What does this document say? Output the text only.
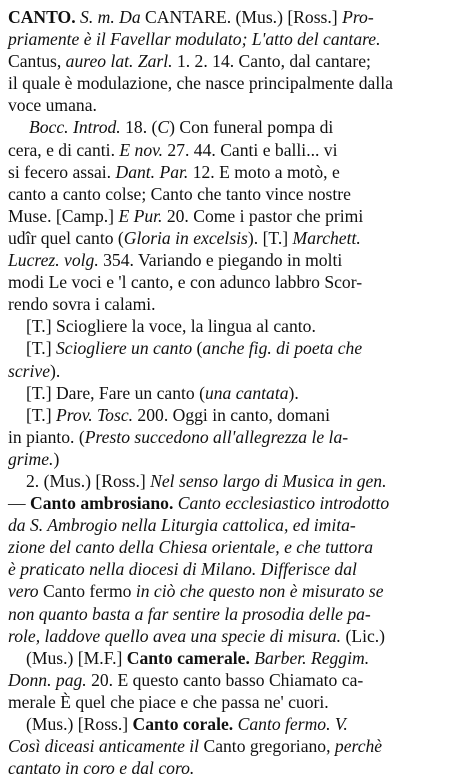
CANTO. S. m. Da CANTARE. (Mus.) [Ross.] Pro-
priamente è il Favellar modulato; L'atto del cantare.
Cantus, aureo lat. Zarl. 1. 2. 14. Canto, dal cantare;
il quale è modulazione, che nasce principalmente dalla
voce umana.
Bocc. Introd. 18. (C) Con funeral pompa di
cera, e di canti. E nov. 27. 44. Canti e balli... vi
si fecero assai. Dant. Par. 12. E moto a motò, e
canto a canto colse; Canto che tanto vince nostre
Muse. [Camp.] E Pur. 20. Come i pastor che primi
udîr quel canto (Gloria in excelsis). [T.] Marchett.
Lucrez. volg. 354. Variando e piegando in molti
modi Le voci e 'l canto, e con adunco labbro Scor-
rendo sovra i calami.
[T.] Sciogliere la voce, la lingua al canto.
[T.] Sciogliere un canto (anche fig. di poeta che
scrive).
[T.] Dare, Fare un canto (una cantata).
[T.] Prov. Tosc. 200. Oggi in canto, domani
in pianto. (Presto succedono all'allegrezza le la-
grime.)
2. (Mus.) [Ross.] Nel senso largo di Musica in gen.
— Canto ambrosiano. Canto ecclesiastico introdotto
da S. Ambrogio nella Liturgia cattolica, ed imita-
zione del canto della Chiesa orientale, e che tuttora
è praticato nella diocesi di Milano. Differisce dal
vero Canto fermo in ciò che questo non è misurato se
non quanto basta a far sentire la prosodia delle pa-
role, laddove quello avea una specie di misura. (Lic.)
(Mus.) [M.F.] Canto camerale. Barber. Reggim.
Donn. pag. 20. E questo canto basso Chiamato ca-
merale È quel che piace e che passa ne' cuori.
(Mus.) [Ross.] Canto corale. Canto fermo. V.
Così diceasi anticamente il Canto gregoriano, perchè
cantato in coro e dal coro.
